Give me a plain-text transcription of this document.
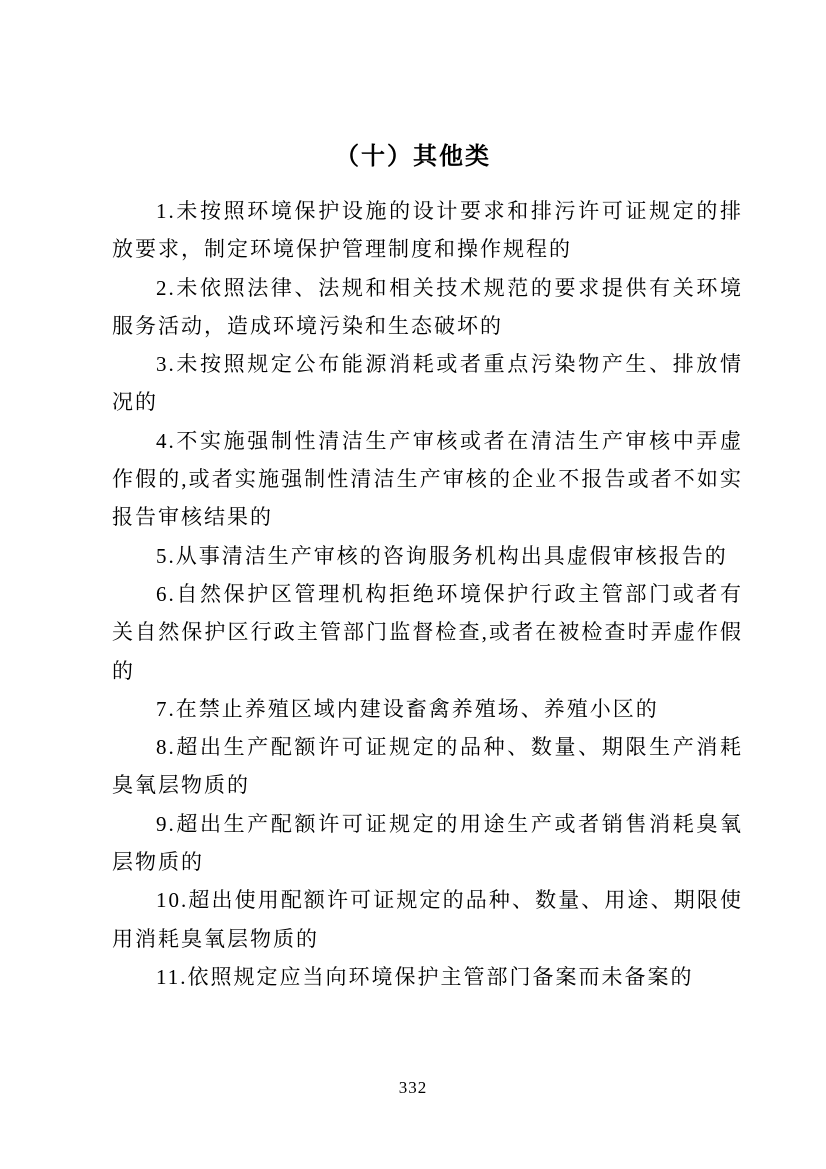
（十）其他类

1.未按照环境保护设施的设计要求和排污许可证规定的排放要求，制定环境保护管理制度和操作规程的

2.未依照法律、法规和相关技术规范的要求提供有关环境服务活动，造成环境污染和生态破坏的

3.未按照规定公布能源消耗或者重点污染物产生、排放情况的

4.不实施强制性清洁生产审核或者在清洁生产审核中弄虚作假的,或者实施强制性清洁生产审核的企业不报告或者不如实报告审核结果的

5.从事清洁生产审核的咨询服务机构出具虚假审核报告的

6.自然保护区管理机构拒绝环境保护行政主管部门或者有关自然保护区行政主管部门监督检查,或者在被检查时弄虚作假的

7.在禁止养殖区域内建设畜禽养殖场、养殖小区的

8.超出生产配额许可证规定的品种、数量、期限生产消耗臭氧层物质的

9.超出生产配额许可证规定的用途生产或者销售消耗臭氧层物质的

10.超出使用配额许可证规定的品种、数量、用途、期限使用消耗臭氧层物质的

11.依照规定应当向环境保护主管部门备案而未备案的

332
